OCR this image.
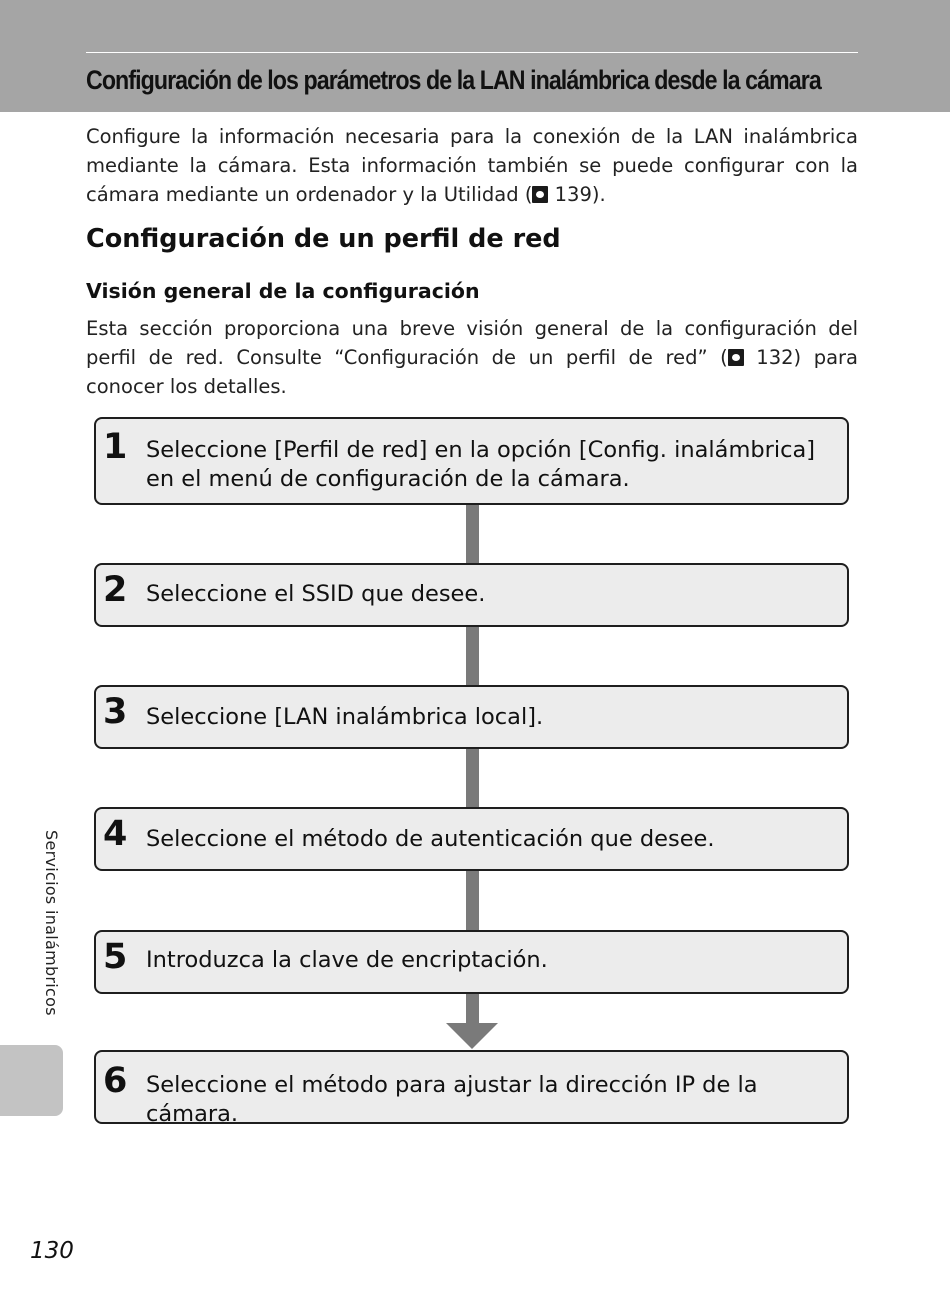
Configuración de los parámetros de la LAN inalámbrica desde la cámara
Configure la información necesaria para la conexión de la LAN inalámbrica mediante la cámara. Esta información también se puede configurar con la cámara mediante un ordenador y la Utilidad ( 139).
Configuración de un perfil de red
Visión general de la configuración
Esta sección proporciona una breve visión general de la configuración del perfil de red. Consulte “Configuración de un perfil de red” ( 132) para conocer los detalles.
1 Seleccione [Perfil de red] en la opción [Config. inalámbrica] en el menú de configuración de la cámara.
2 Seleccione el SSID que desee.
3 Seleccione [LAN inalámbrica local].
4 Seleccione el método de autenticación que desee.
5 Introduzca la clave de encriptación.
6 Seleccione el método para ajustar la dirección IP de la cámara.
Servicios inalámbricos
130
